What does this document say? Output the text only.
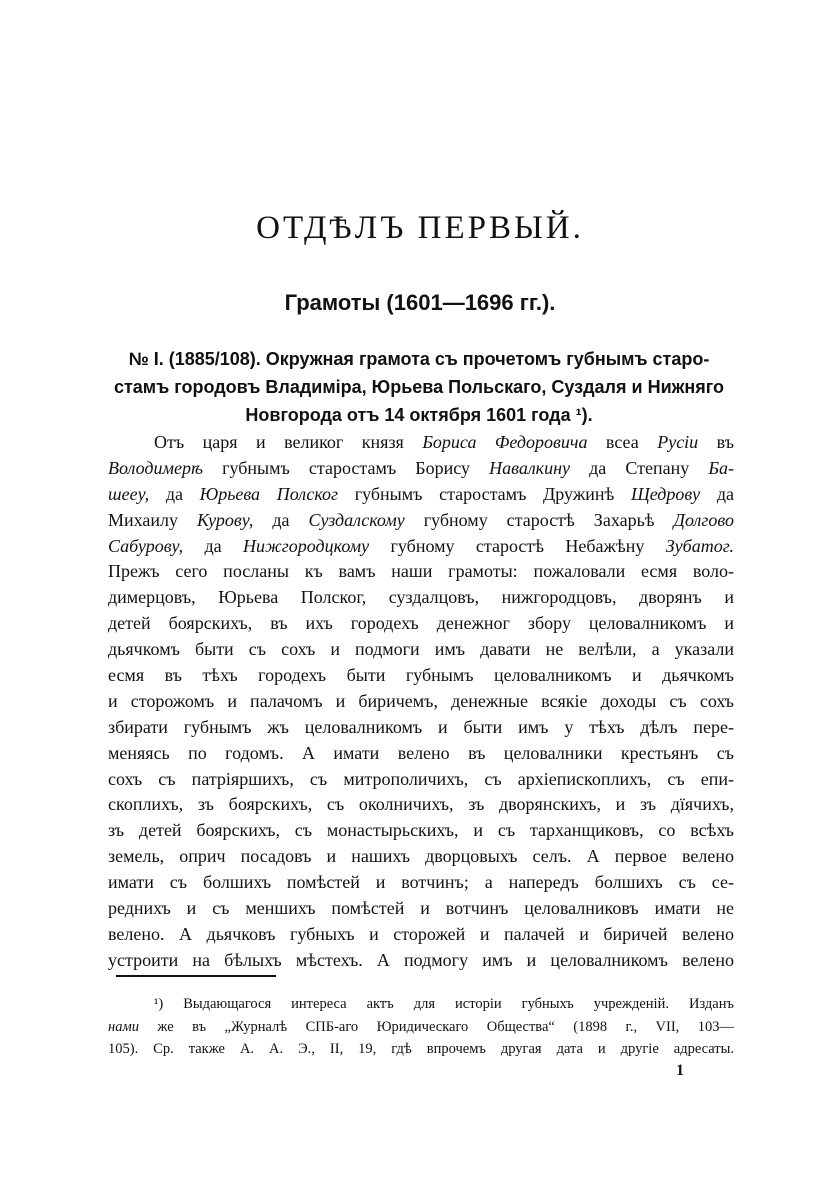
ОТДѢЛЪ ПЕРВЫЙ.
Грамоты (1601—1696 гг.).
№ I. (1885/108). Окружная грамота съ прочетомъ губнымъ старо-
стамъ городовъ Владиміра, Юрьева Польскаго, Суздаля и Нижняго
Новгорода отъ 14 октября 1601 года ¹).
Отъ царя и великог князя Бориса Федоровича всеа Русіи въ
Володимерѣ губнымъ старостамъ Борису Навалкину да Степану Ба-
шееу, да Юрьева Полског губнымъ старостамъ Дружинѣ Щедрову да
Михаилу Курову, да Суздалскому губному старостѣ Захарьѣ Долгово
Сабурову, да Нижгородцкому губному старостѣ Небажѣну Зубатог.
Прежъ сего посланы къ вамъ наши грамоты: пожаловали есмя воло-
димерцовъ, Юрьева Полског, суздалцовъ, нижгородцовъ, дворянъ и
детей боярскихъ, въ ихъ городехъ денежног збору целовалникомъ и
дьячкомъ быти съ сохъ и подмоги имъ давати не велѣли, а указали
есмя въ тѣхъ городехъ быти губнымъ целовалникомъ и дьячкомъ
и сторожомъ и палачомъ и биричемъ, денежные всякіе доходы съ сохъ
збирати губнымъ жъ целовалникомъ и быти имъ у тѣхъ дѣлъ пере-
меняясь по годомъ. А имати велено въ целовалники крестьянъ съ
сохъ съ патріяршихъ, съ митрополичихъ, съ архіепископлихъ, съ епи-
скоплихъ, зъ боярскихъ, съ околничихъ, зъ дворянскихъ, и зъ дїячихъ,
зъ детей боярскихъ, съ монастырьскихъ, и съ тарханщиковъ, со всѣхъ
земель, оприч посадовъ и нашихъ дворцовыхъ селъ. А первое велено
имати съ болшихъ помѣстей и вотчинъ; а напередъ болшихъ съ се-
реднихъ и съ меншихъ помѣстей и вотчинъ целовалниковъ имати не
велено. А дьячковъ губныхъ и сторожей и палачей и биричей велено
устроити на бѣлыхъ мѣстехъ. А подмогу имъ и целовалникомъ велено
¹) Выдающагося интереса актъ для исторіи губныхъ учрежденій. Изданъ
нами же въ „Журналѣ СПБ-аго Юридическаго Общества“ (1898 г., VII, 103—
105). Ср. также А. А. Э., II, 19, гдѣ впрочемъ другая дата и другіе адресаты.
1
